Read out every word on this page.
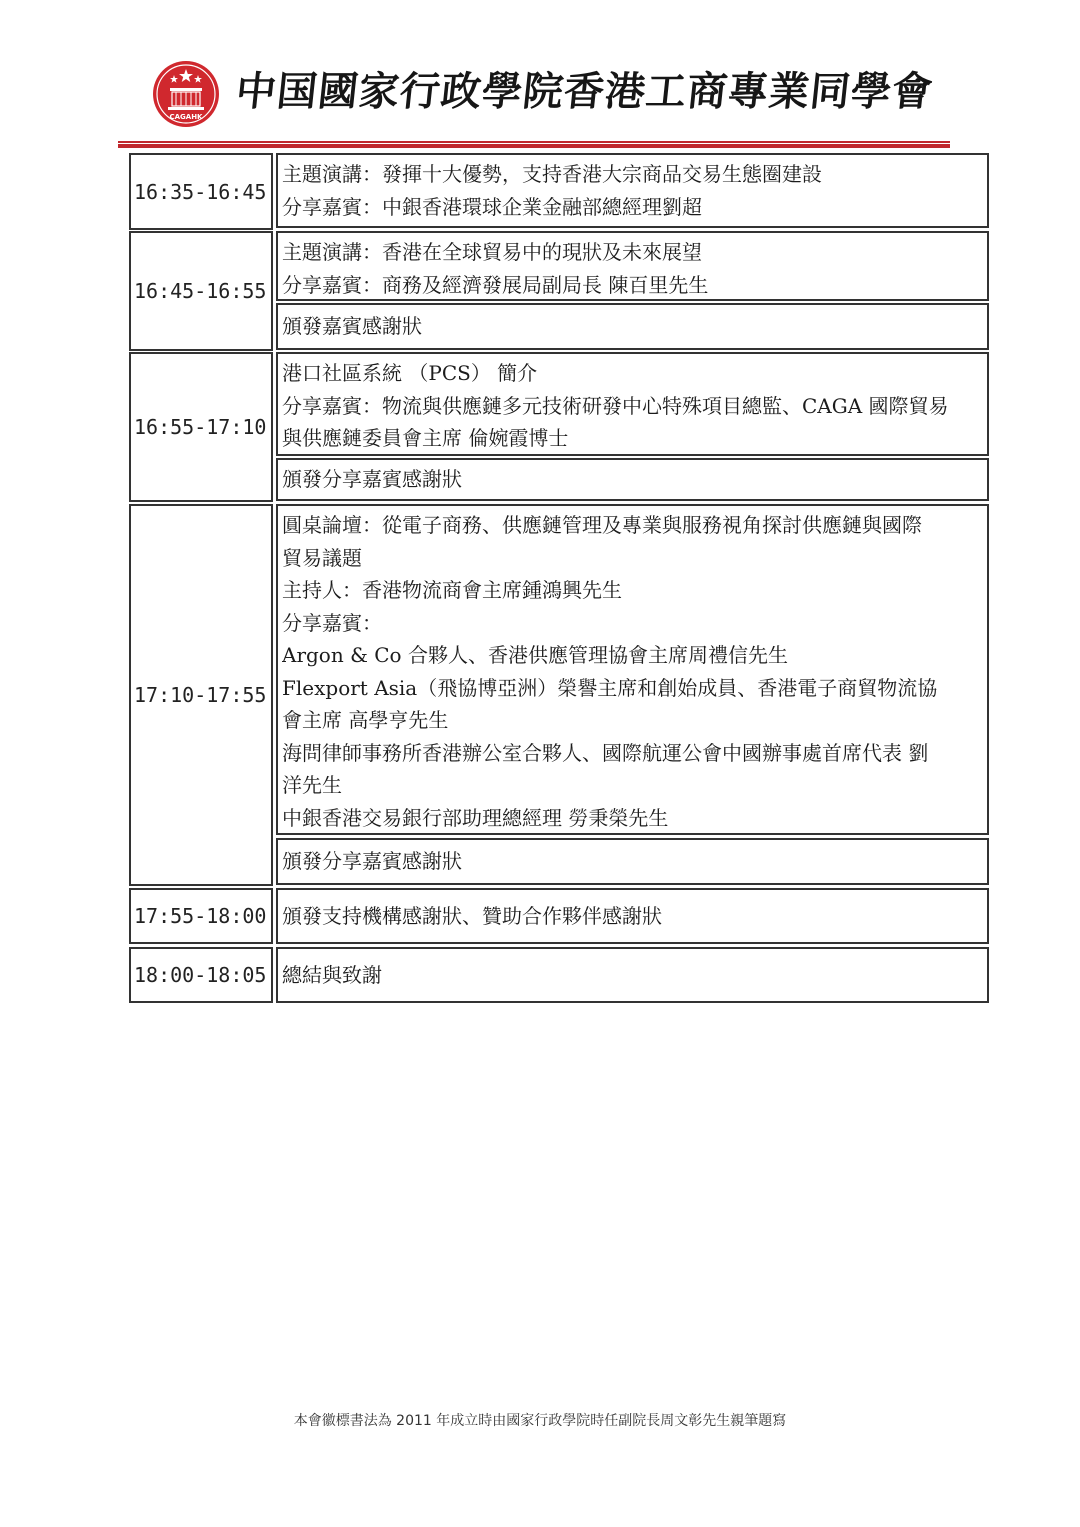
CAGAHK
中国國家行政學院香港工商專業同學會
16:35-16:45
主題演講：發揮十大優勢，支持香港大宗商品交易生態圈建設
分享嘉賓：中銀香港環球企業金融部總經理劉超
16:45-16:55
主題演講：香港在全球貿易中的現狀及未來展望
分享嘉賓：商務及經濟發展局副局長 陳百里先生
頒發嘉賓感謝狀
16:55-17:10
港口社區系統 （PCS） 簡介
分享嘉賓：物流與供應鏈多元技術研發中心特殊項目總監、CAGA 國際貿易
與供應鏈委員會主席 倫婉霞博士
頒發分享嘉賓感謝狀
17:10-17:55
圓桌論壇：從電子商務、供應鏈管理及專業與服務視角探討供應鏈與國際
貿易議題
主持人：香港物流商會主席鍾鴻興先生
分享嘉賓：
Argon & Co 合夥人、香港供應管理協會主席周禮信先生
Flexport Asia（飛協博亞洲）榮譽主席和創始成員、香港電子商貿物流協
會主席 高學亨先生
海問律師事務所香港辦公室合夥人、國際航運公會中國辦事處首席代表 劉
洋先生
中銀香港交易銀行部助理總經理 勞秉榮先生
頒發分享嘉賓感謝狀
17:55-18:00 頒發支持機構感謝狀、贊助合作夥伴感謝狀
18:00-18:05 總結與致謝
本會徽標書法為 2011 年成立時由國家行政學院時任副院長周文彰先生親筆題寫
